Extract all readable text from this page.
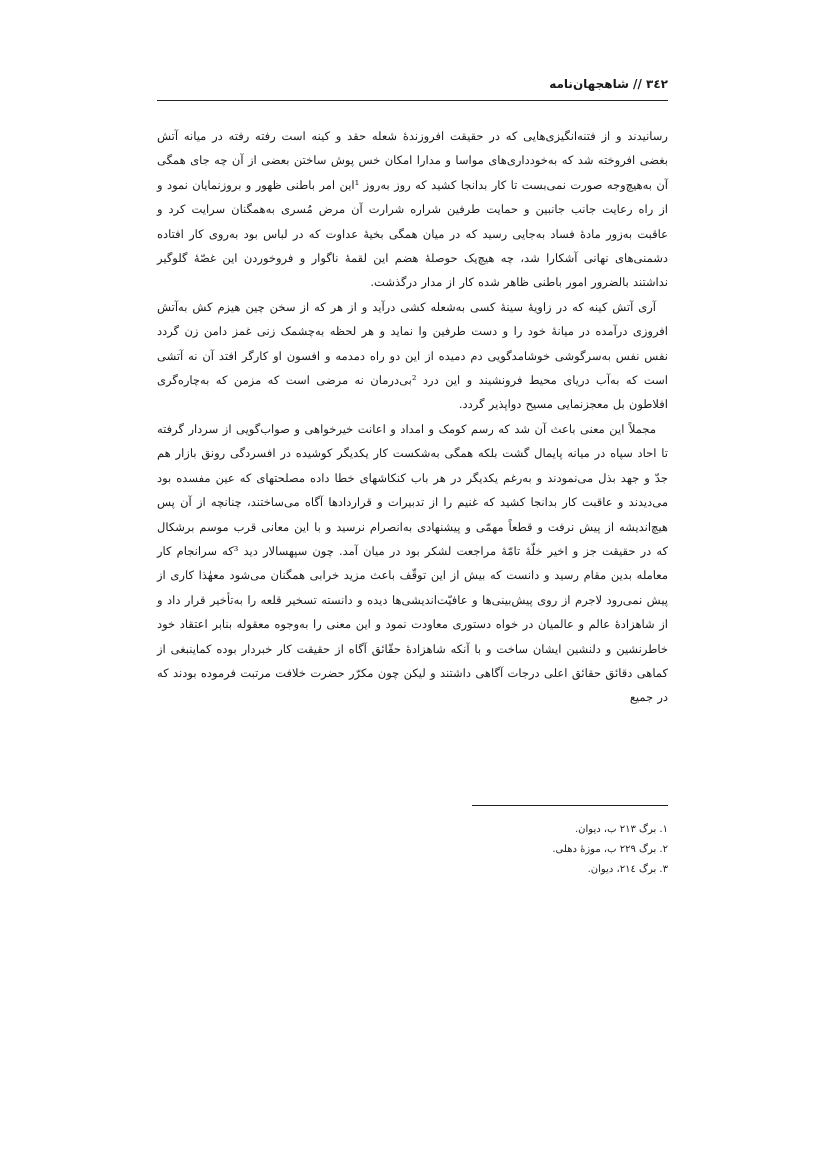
٣٤٢ // شاهجهان‌نامه

رسانیدند و از فتنه‌انگیزی‌هایی که در حقیقت افروزندهٔ شعله حقد و کینه است رفته رفته در میانه آتش بغضی افروخته شد که به‌خودداری‌های مواسا و مدارا امکان خس پوش ساختن بعضی از آن چه جای همگی آن به‌هیچ‌وجه صورت نمی‌بست تا کار بدانجا کشید که روز به‌روز ¹این امر باطنی ظهور و بروزنمایان نمود و از راه رعایت جانب جانبین و حمایت طرفین شراره شرارت آن مرض مُسری به‌همگنان سرایت کرد و عاقبت به‌زور مادهٔ فساد به‌جایی رسید که در میان همگی بخیهٔ عداوت که در لباس بود به‌روی کار افتاده دشمنی‌های نهانی آشکارا شد، چه هیچ‌یک حوصلهٔ هضم این لقمهٔ ناگوار و فروخوردن این غصّهٔ گلوگیر نداشتند بالضرور امور باطنی ظاهر شده کار از مدار درگذشت.

آری آتش کینه که در زاویهٔ سینهٔ کسی به‌شعله کشی درآید و از هر که از سخن چین هیزم کش به‌آتش افروزی درآمده در میانهٔ خود را و دست طرفین وا نماید و هر لحظه به‌چشمک زنی غمز دامن زن گردد نفس نفس به‌سرگوشی خوشامدگویی دم دمیده از این دو راه دمدمه و افسون او کارگر افتد آن نه آتشی است که به‌آب دریای محیط فرونشیند و این درد ²بی‌درمان نه مرضی است که مزمن که به‌چاره‌گری افلاطون بل معجزنمایی مسیح دواپذیر گردد.

مجملاً این معنی باعث آن شد که رسم کومک و امداد و اعانت خیرخواهی و صواب‌گویی از سردار گرفته تا احاد سپاه در میانه پایمال گشت بلکه همگی به‌شکست کار یکدیگر کوشیده در افسردگی رونق بازار هم جدّ و جهد بذل می‌نمودند و به‌رغم یکدیگر در هر باب کنکاشهای خطا داده مصلحتهای که عین مفسده بود می‌دیدند و عاقبت کار بدانجا کشید که غنیم را از تدبیرات و قراردادها آگاه می‌ساختند، چنانچه از آن پس هیچ‌اندیشه از پیش نرفت و قطعاً مهمّی و پیشنهادی به‌انصرام نرسید و با این معانی قرب موسم برشکال که در حقیقت جز و اخیر خلّهٔ تامّهٔ مراجعت لشکر بود در میان آمد. چون سپهسالار دید ³که سرانجام کار معامله بدین مقام رسید و دانست که بیش از این توقّف باعث مزید خرابی همگنان می‌شود معهٰذا کاری از پیش نمی‌رود لاجرم از روی پیش‌بینی‌ها و عافیّت‌اندیشی‌ها دیده و دانسته تسخیر قلعه را به‌تأخیر قرار داد و از شاهزادهٔ عالم و عالمیان در خواه دستوری معاودت نمود و این معنی را به‌وجوه معقوله بنابر اعتقاد خود خاطرنشین و دلنشین ایشان ساخت و با آنکه شاهزادهٔ حقّائق آگاه از حقیقت کار خبردار بوده کماینبغی از کماهی دقائق حقائق اعلی درجات آگاهی داشتند و لیکن چون مکرّر حضرت خلافت مرتبت فرموده بودند که در جمیع

١. برگ ٢١٣ ب، دیوان.

٢. برگ ٢٢٩ ب، موزهٔ دهلی.

٣. برگ ٢١٤، دیوان.
